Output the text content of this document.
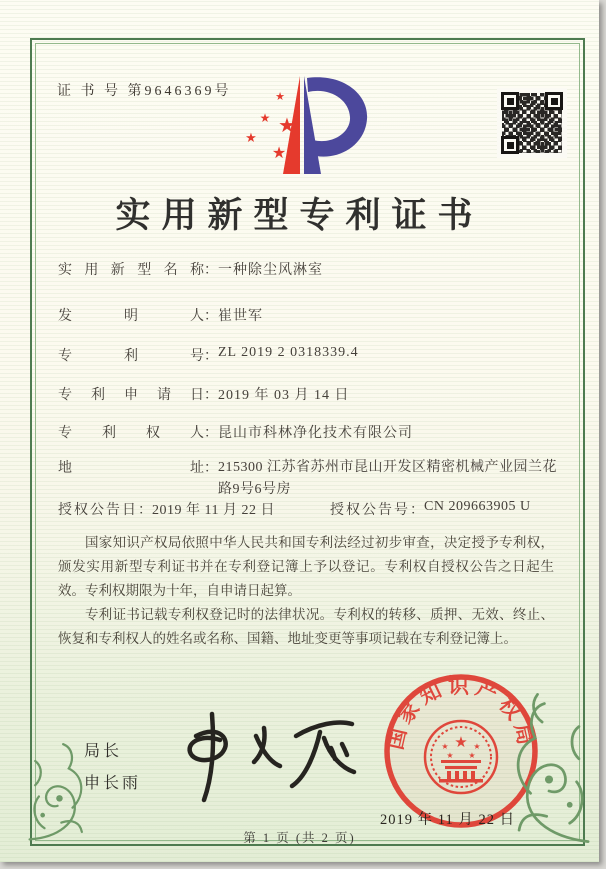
证 书 号 第9646369号	★
★ ★
★
★
实用新型专利证书
实用新型名称：一种除尘风淋室
发明人：崔世军
专利号：ZL 2019 2 0318339.4
专利申请日：2019 年 03 月 14 日
专利权人：昆山市科林净化技术有限公司
地址：215300 江苏省苏州市昆山开发区精密机械产业园兰花路9号6号房
授权公告日：2019 年 11 月 22 日	授权公告号：CN 209663905 U

国家知识产权局依照中华人民共和国专利法经过初步审查，决定授予专利权，颁发实用新型专利证书并在专利登记簿上予以登记。专利权自授权公告之日起生效。专利权期限为十年，自申请日起算。

专利证书记载专利权登记时的法律状况。专利权的转移、质押、无效、终止、恢复和专利权人的姓名或名称、国籍、地址变更等事项记载在专利登记簿上。

局长
申长雨
国家知识产权局
★
★	★
★ ★
2019 年 11 月 22 日
第 1 页 (共 2 页)
